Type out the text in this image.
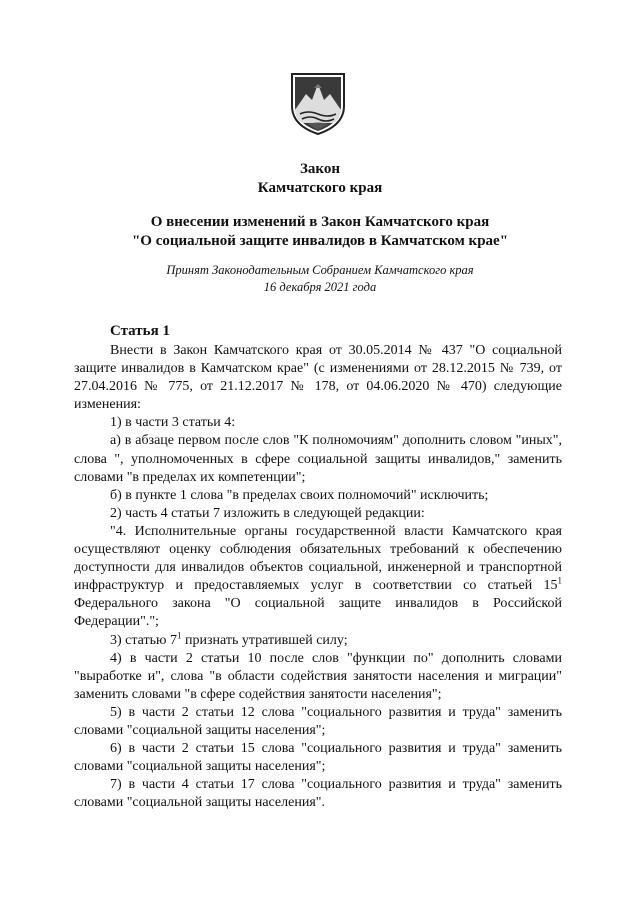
Закон
Камчатского края
О внесении изменений в Закон Камчатского края
"О социальной защите инвалидов в Камчатском крае"
Принят Законодательным Собранием Камчатского края
16 декабря 2021 года
Статья 1

Внести в Закон Камчатского края от 30.05.2014 № 437 "О социальной защите инвалидов в Камчатском крае" (с изменениями от 28.12.2015 № 739, от 27.04.2016 № 775, от 21.12.2017 № 178, от 04.06.2020 № 470) следующие изменения:

1) в части 3 статьи 4:

а) в абзаце первом после слов "К полномочиям" дополнить словом "иных", слова ", уполномоченных в сфере социальной защиты инвалидов," заменить словами "в пределах их компетенции";

б) в пункте 1 слова "в пределах своих полномочий" исключить;

2) часть 4 статьи 7 изложить в следующей редакции:

"4. Исполнительные органы государственной власти Камчатского края осуществляют оценку соблюдения обязательных требований к обеспечению доступности для инвалидов объектов социальной, инженерной и транспортной инфраструктур и предоставляемых услуг в соответствии со статьей $15^1$ Федерального закона "О социальной защите инвалидов в Российской Федерации".";

3) статью $7^1$ признать утратившей силу;

4) в части 2 статьи 10 после слов "функции по" дополнить словами "выработке и", слова "в области содействия занятости населения и миграции" заменить словами "в сфере содействия занятости населения";

5) в части 2 статьи 12 слова "социального развития и труда" заменить словами "социальной защиты населения";

6) в части 2 статьи 15 слова "социального развития и труда" заменить словами "социальной защиты населения";

7) в части 4 статьи 17 слова "социального развития и труда" заменить словами "социальной защиты населения".
